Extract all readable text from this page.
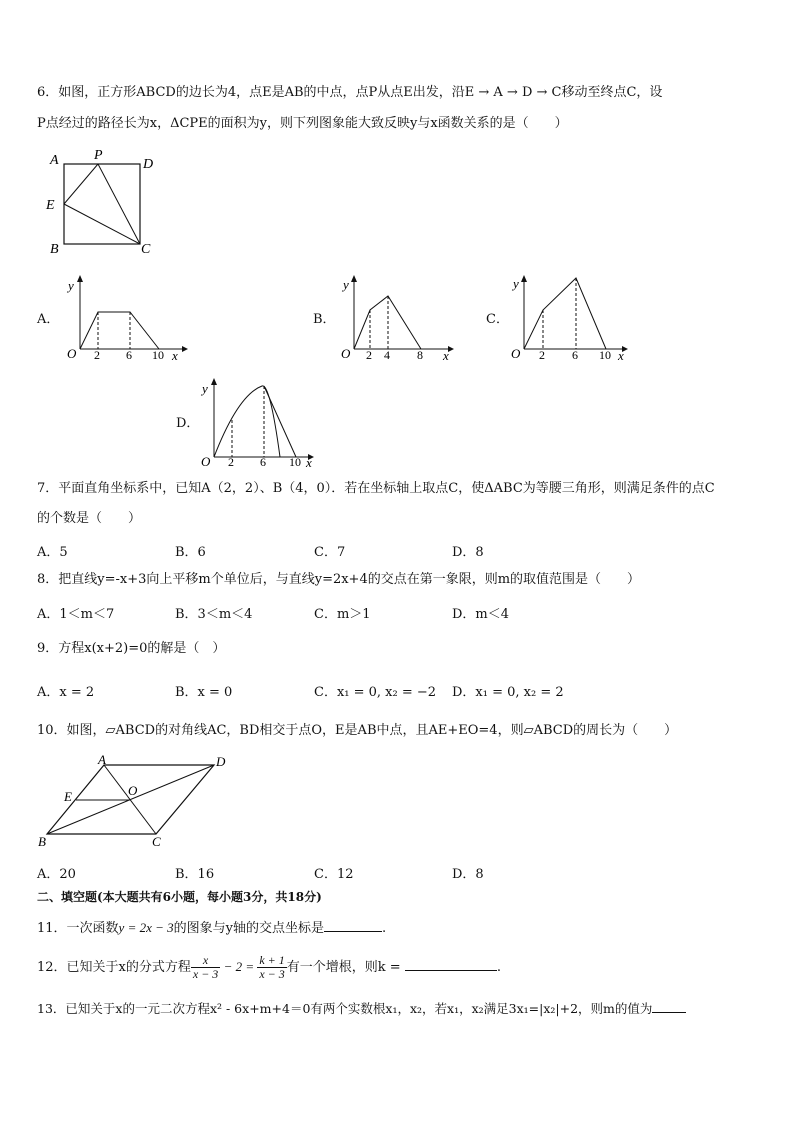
6．如图，正方形ABCD的边长为4，点E是AB的中点，点P从点E出发，沿E → A → D → C移动至终点C，设
P点经过的路径长为x，ΔCPE的面积为y，则下列图象能大致反映y与x函数关系的是（　　）
A	P
D
E
B	C
A．
y
O 2 6 10 x
B．
y
O 2 4 8 x
C．
y
O 2 6 10 x
D．
y
O 2 6 10 x
7．平面直角坐标系中，已知A（2，2）、B（4，0）．若在坐标轴上取点C，使ΔABC为等腰三角形，则满足条件的点C
的个数是（　　）
A．5	B．6	C．7	D．8
8．把直线y=-x+3向上平移m个单位后，与直线y=2x+4的交点在第一象限，则m的取值范围是（　　）
A．1＜m＜7	B．3＜m＜4	C．m＞1	D．m＜4
9．方程x(x+2)=0的解是（　）
A．x = 2	B．x = 0	C．x₁ = 0, x₂ = −2 D．x₁ = 0, x₂ = 2
10．如图，▱ABCD的对角线AC，BD相交于点O，E是AB中点，且AE+EO=4，则▱ABCD的周长为（　　）
A	D
E	O
B	C
A．20	B．16	C．12	D．8
二、填空题(本大题共有6小题，每小题3分，共18分)
11．一次函数y = 2x − 3的图象与y轴的交点坐标是	.
12．已知关于x的分式方程 $\frac{x}{x - 3} - 2 = \frac{k + 1}{x - 3}$ 有一个增根，则k =	.
13．已知关于x的一元二次方程x² - 6x+m+4＝0有两个实数根x₁，x₂，若x₁，x₂满足3x₁=|x₂|+2，则m的值为
